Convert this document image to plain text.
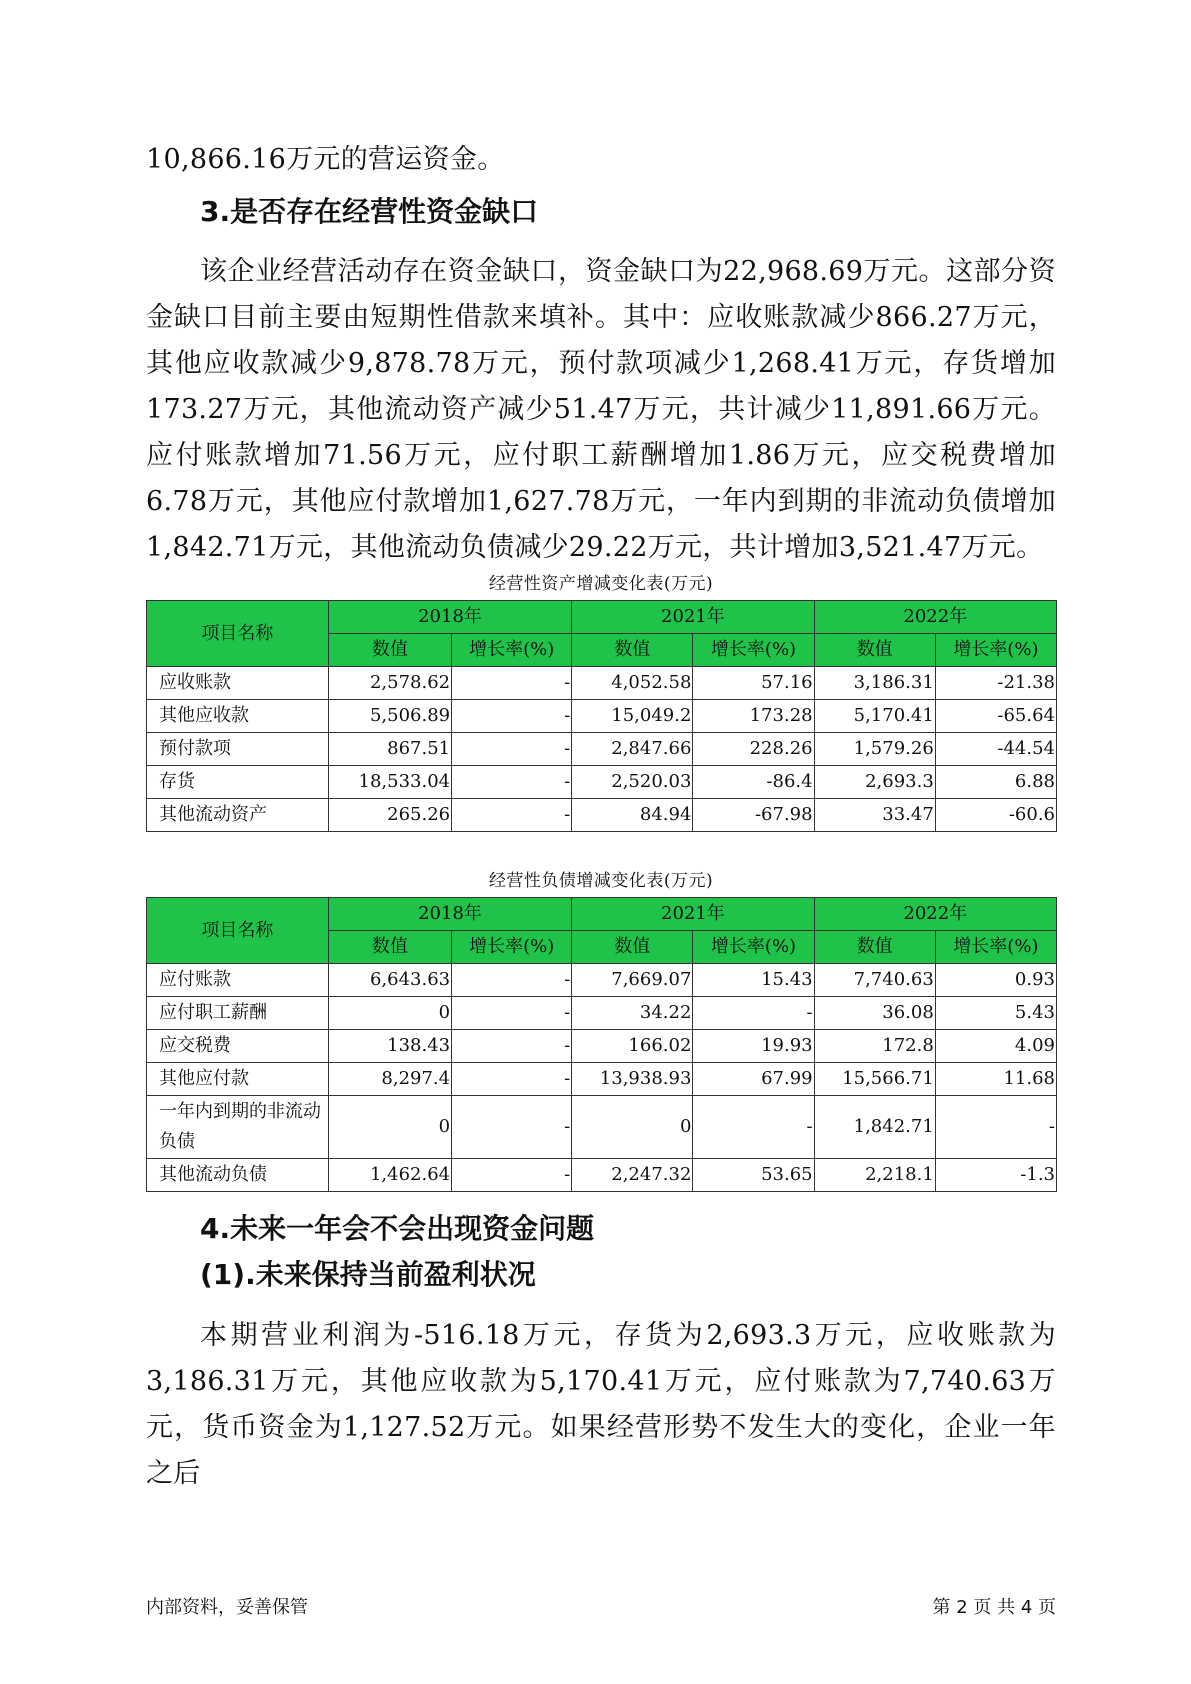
10,866.16万元的营运资金。

3.是否存在经营性资金缺口

该企业经营活动存在资金缺口，资金缺口为22,968.69万元。这部分资金缺口目前主要由短期性借款来填补。其中：应收账款减少866.27万元，其他应收款减少9,878.78万元，预付款项减少1,268.41万元，存货增加173.27万元，其他流动资产减少51.47万元，共计减少11,891.66万元。应付账款增加71.56万元，应付职工薪酬增加1.86万元，应交税费增加6.78万元，其他应付款增加1,627.78万元，一年内到期的非流动负债增加1,842.71万元，其他流动负债减少29.22万元，共计增加3,521.47万元。

经营性资产增减变化表(万元)
项目名称	2018年		2021年		2022年	
	数值	增长率(%)	数值	增长率(%)	数值	增长率(%)
应收账款	2,578.62	-	4,052.58	57.16	3,186.31	-21.38
其他应收款	5,506.89	-	15,049.2	173.28	5,170.41	-65.64
预付款项	867.51	-	2,847.66	228.26	1,579.26	-44.54
存货	18,533.04	-	2,520.03	-86.4	2,693.3	6.88
其他流动资产	265.26	-	84.94	-67.98	33.47	-60.6
经营性负债增减变化表(万元)
项目名称	2018年		2021年		2022年	
	数值	增长率(%)	数值	增长率(%)	数值	增长率(%)
应付账款	6,643.63	-	7,669.07	15.43	7,740.63	0.93
应付职工薪酬	0	-	34.22	-	36.08	5.43
应交税费	138.43	-	166.02	19.93	172.8	4.09
其他应付款	8,297.4	-	13,938.93	67.99	15,566.71	11.68
一年内到期的非流动负债	0	-	0	-	1,842.71	-
其他流动负债	1,462.64	-	2,247.32	53.65	2,218.1	-1.3
4.未来一年会不会出现资金问题
(1).未来保持当前盈利状况

本期营业利润为-516.18万元，存货为2,693.3万元，应收账款为3,186.31万元，其他应收款为5,170.41万元，应付账款为7,740.63万元，货币资金为1,127.52万元。如果经营形势不发生大的变化，企业一年之后

内部资料，妥善保管	第 2 页 共 4 页
